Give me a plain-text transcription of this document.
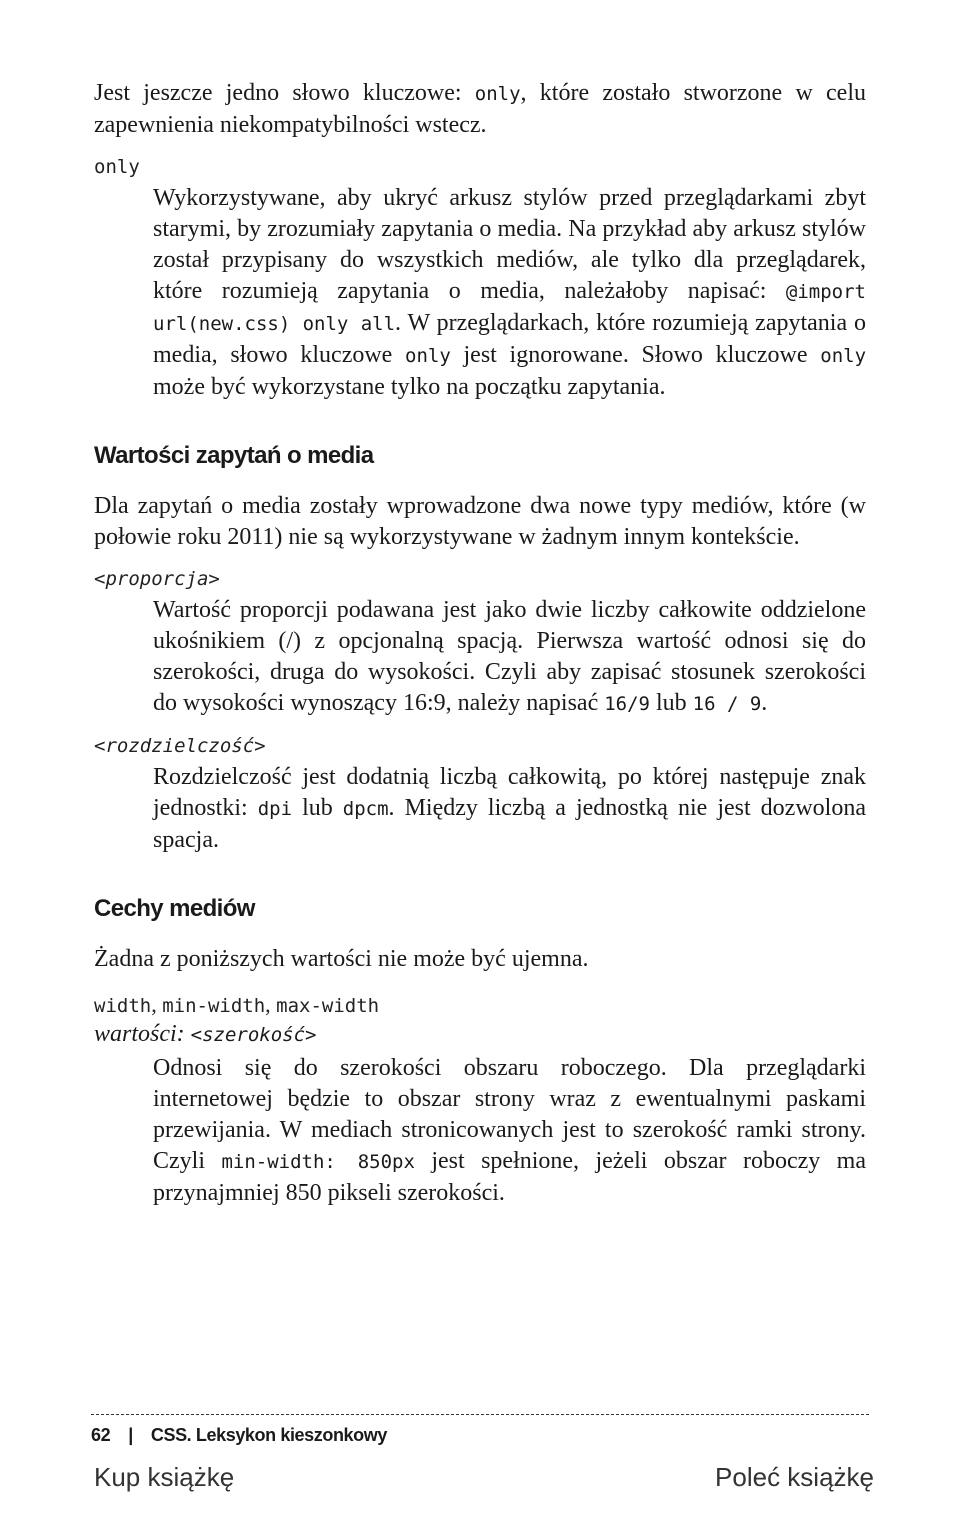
Jest jeszcze jedno słowo kluczowe: only, które zostało stworzone w celu zapewnienia niekompatybilności wstecz.

only

Wykorzystywane, aby ukryć arkusz stylów przed przeglądarkami zbyt starymi, by zrozumiały zapytania o media. Na przykład aby arkusz stylów został przypisany do wszystkich mediów, ale tylko dla przeglądarek, które rozumieją zapytania o media, należałoby napisać: @import url(new.css) only all. W przeglądarkach, które rozumieją zapytania o media, słowo kluczowe only jest ignorowane. Słowo kluczowe only może być wykorzystane tylko na początku zapytania.

Wartości zapytań o media

Dla zapytań o media zostały wprowadzone dwa nowe typy mediów, które (w połowie roku 2011) nie są wykorzystywane w żadnym innym kontekście.

<proporcja>

Wartość proporcji podawana jest jako dwie liczby całkowite oddzielone ukośnikiem (/) z opcjonalną spacją. Pierwsza wartość odnosi się do szerokości, druga do wysokości. Czyli aby zapisać stosunek szerokości do wysokości wynoszący 16:9, należy napisać 16/9 lub 16 / 9.

<rozdzielczość>

Rozdzielczość jest dodatnią liczbą całkowitą, po której następuje znak jednostki: dpi lub dpcm. Między liczbą a jednostką nie jest dozwolona spacja.

Cechy mediów

Żadna z poniższych wartości nie może być ujemna.

width, min-width, max-width
wartości: <szerokość>

Odnosi się do szerokości obszaru roboczego. Dla przeglądarki internetowej będzie to obszar strony wraz z ewentualnymi paskami przewijania. W mediach stronicowanych jest to szerokość ramki strony. Czyli min-width: 850px jest spełnione, jeżeli obszar roboczy ma przynajmniej 850 pikseli szerokości.

62 | CSS. Leksykon kieszonkowy
Kup książkę	Poleć książkę
